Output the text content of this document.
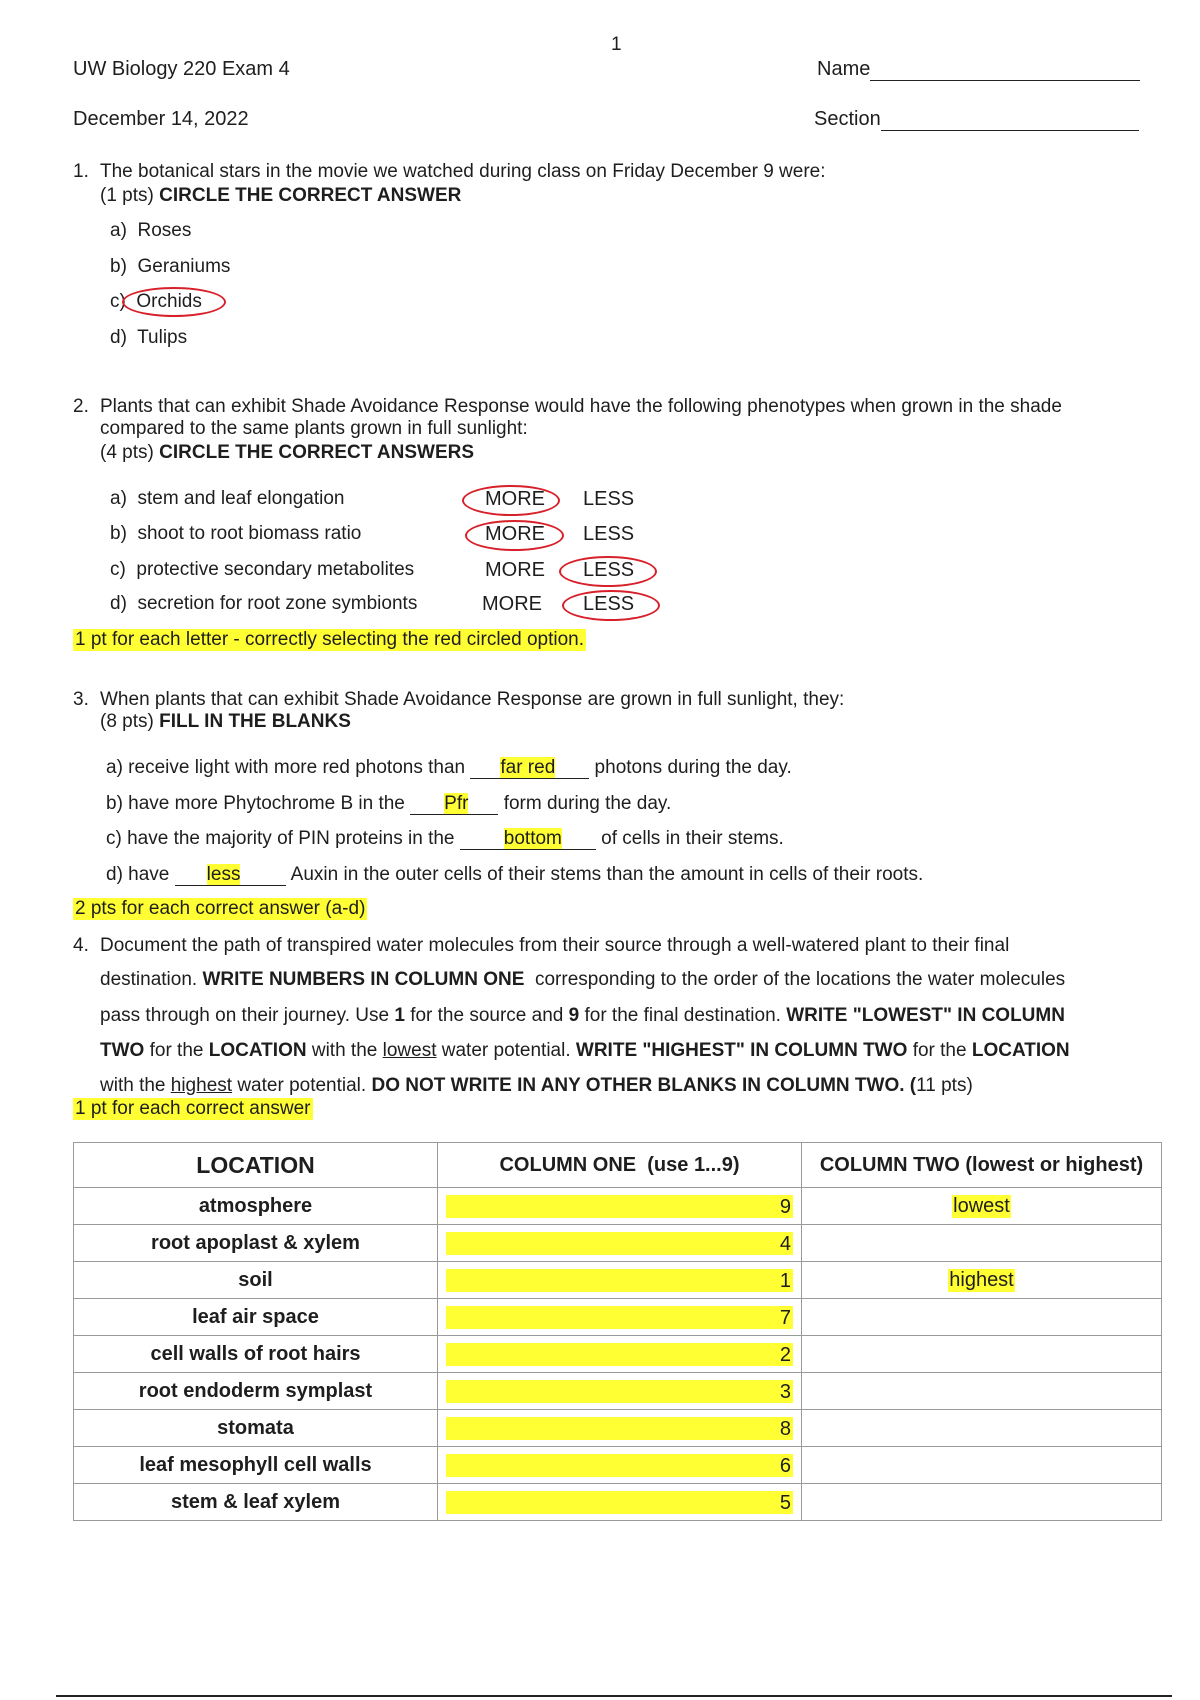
1
UW Biology 220 Exam 4	Name
December 14, 2022	Section
1. The botanical stars in the movie we watched during class on Friday December 9 were:
(1 pts) CIRCLE THE CORRECT ANSWER
a) Roses
b) Geraniums
c) Orchids
d) Tulips
2. Plants that can exhibit Shade Avoidance Response would have the following phenotypes when grown in the shade
compared to the same plants grown in full sunlight:
(4 pts) CIRCLE THE CORRECT ANSWERS
a) stem and leaf elongation	MORE LESS
b) shoot to root biomass ratio	MORE LESS
c) protective secondary metabolites	MORE LESS
d) secretion for root zone symbionts	MORE LESS
1 pt for each letter - correctly selecting the red circled option.
3. When plants that can exhibit Shade Avoidance Response are grown in full sunlight, they:
(8 pts) FILL IN THE BLANKS
a) receive light with more red photons than far red photons during the day.
b) have more Phytochrome B in the Pfr form during the day.
c) have the majority of PIN proteins in the bottom of cells in their stems.
d) have less Auxin in the outer cells of their stems than the amount in cells of their roots.
2 pts for each correct answer (a-d)
4. Document the path of transpired water molecules from their source through a well-watered plant to their final
destination. WRITE NUMBERS IN COLUMN ONE corresponding to the order of the locations the water molecules
pass through on their journey. Use 1 for the source and 9 for the final destination. WRITE "LOWEST" IN COLUMN
TWO for the LOCATION with the lowest water potential. WRITE "HIGHEST" IN COLUMN TWO for the LOCATION
with the highest water potential. DO NOT WRITE IN ANY OTHER BLANKS IN COLUMN TWO. (11 pts)
1 pt for each correct answer
LOCATION	COLUMN ONE  (use 1...9)	COLUMN TWO (lowest or highest)
atmosphere	9	lowest
root apoplast & xylem	4	

soil	1	highest
leaf air space	7	

cell walls of root hairs	2	

root endoderm symplast	3	

stomata	8	

leaf mesophyll cell walls	6	

stem & leaf xylem	5	
